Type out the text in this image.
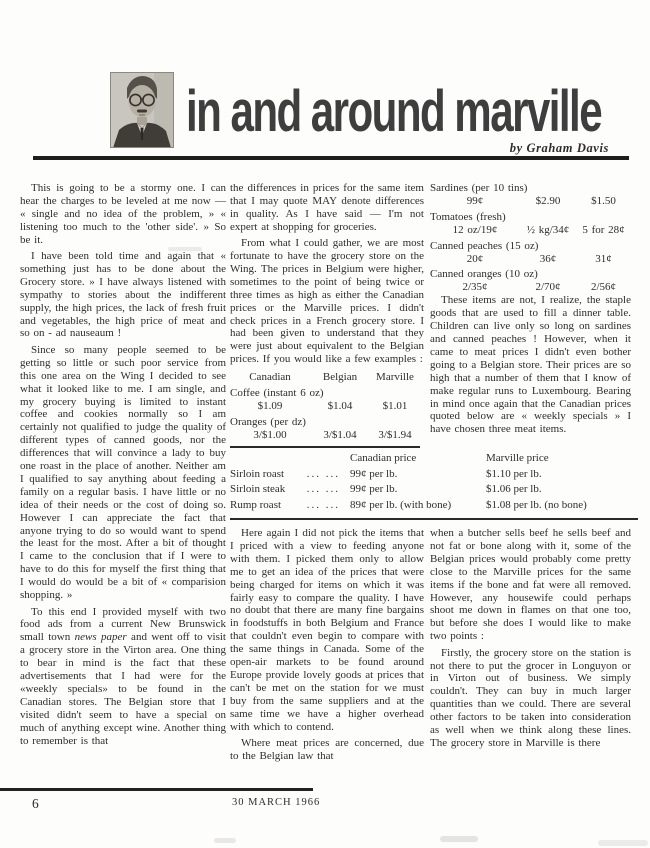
in and around marville
by Graham Davis

This is going to be a stormy one. I can hear the charges to be leveled at me now — « single and no idea of the problem, » « listening too much to the 'other side'. » So be it.

I have been told time and again that « something just has to be done about the Grocery store. » I have always listened with sympathy to stories about the indifferent supply, the high prices, the lack of fresh fruit and vegetables, the high price of meat and so on - ad nauseaum !

Since so many people seemed to be getting so little or such poor service from this one area on the Wing I decided to see what it looked like to me. I am single, and my grocery buying is limited to instant coffee and cookies normally so I am certainly not qualified to judge the quality of different types of canned goods, nor the differences that will convince a lady to buy one roast in the place of another. Neither am I qualified to say anything about feeding a family on a regular basis. I have little or no idea of their needs or the cost of doing so. However I can appreciate the fact that anyone trying to do so would want to spend the least for the most. After a bit of thought I came to the conclusion that if I were to have to do this for myself the first thing that I would do would be a bit of « comparision shopping. »

To this end I provided myself with two food ads from a current New Brunswick small town news paper and went off to visit a grocery store in the Virton area. One thing to bear in mind is the fact that these advertisements that I had were for the «weekly specials» to be found in the Canadian stores. The Belgian store that I visited didn't seem to have a special on much of anything except wine. Another thing to remember is that

the differences in prices for the same item that I may quote MAY denote differences in quality. As I have said — I'm not expert at shopping for groceries.

From what I could gather, we are most fortunate to have the grocery store on the Wing. The prices in Belgium were higher, sometimes to the point of being twice or three times as high as either the Canadian prices or the Marville prices. I didn't check prices in a French grocery store. I had been given to understand that they were just about equivalent to the Belgian prices. If you would like a few examples :

Canadian	Belgian	Marville
Coffee (instant 6 oz)
$1.09	$1.04	$1.01
Oranges (per dz)
3/$1.00	3/$1.04	3/$1.94
Sardines (per 10 tins)
99¢	$2.90	$1.50
Tomatoes (fresh)
12 oz/19¢	½ kg/34¢	5 for 28¢
Canned peaches (15 oz)
20¢	36¢	31¢
Canned oranges (10 oz)
2/35¢	2/70¢	2/56¢

These items are not, I realize, the staple goods that are used to fill a dinner table. Children can live only so long on sardines and canned peaches ! However, when it came to meat prices I didn't even bother going to a Belgian store. Their prices are so high that a number of them that I know of make regular runs to Luxembourg. Bearing in mind once again that the Canadian prices quoted below are « weekly specials » I have chosen three meat items.

Canadian price	Marville price
Sirloin roast ... ... 99¢ per lb.	$1.10 per lb.
Sirloin steak ... ... 99¢ per lb.	$1.06 per lb.
Rump roast ... ... 89¢ per lb. (with bone)	$1.08 per lb. (no bone)

Here again I did not pick the items that I priced with a view to feeding anyone with them. I picked them only to allow me to get an idea of the prices that were being charged for items on which it was fairly easy to compare the quality. I have no doubt that there are many fine bargains in foodstuffs in both Belgium and France that couldn't even begin to compare with the same things in Canada. Some of the open-air markets to be found around Europe provide lovely goods at prices that can't be met on the station for we must buy from the same suppliers and at the same time we have a higher overhead with which to contend.

Where meat prices are concerned, due to the Belgian law that

when a butcher sells beef he sells beef and not fat or bone along with it, some of the Belgian prices would probably come pretty close to the Marville prices for the same items if the bone and fat were all removed. However, any housewife could perhaps shoot me down in flames on that one too, but before she does I would like to make two points :

Firstly, the grocery store on the station is not there to put the grocer in Longuyon or in Virton out of business. We simply couldn't. They can buy in much larger quantities than we could. There are several other factors to be taken into consideration as well when we think along these lines. The grocery store in Marville is there

6	30 MARCH 1966
